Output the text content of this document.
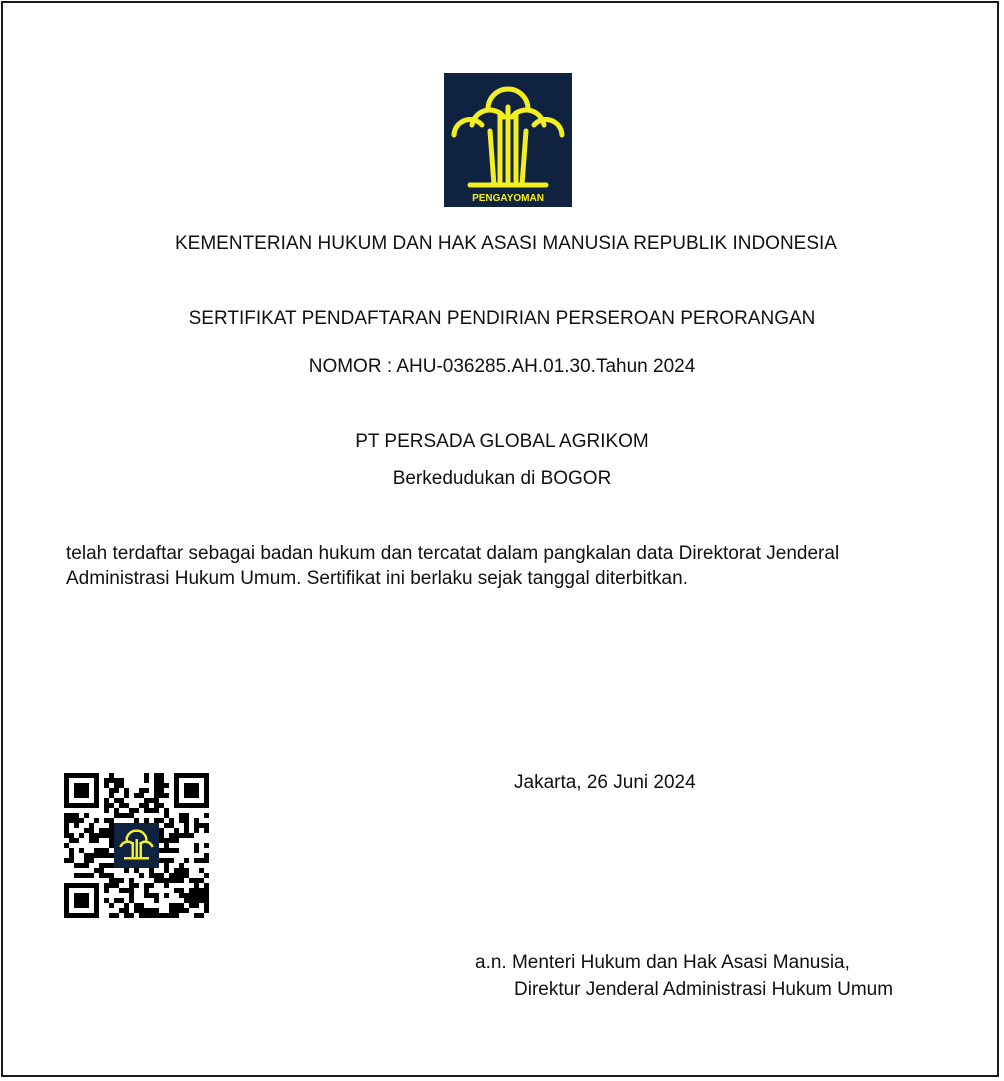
PENGAYOMAN
KEMENTERIAN HUKUM DAN HAK ASASI MANUSIA REPUBLIK INDONESIA
SERTIFIKAT PENDAFTARAN PENDIRIAN PERSEROAN PERORANGAN
NOMOR : AHU-036285.AH.01.30.Tahun 2024
PT PERSADA GLOBAL AGRIKOM
Berkedudukan di BOGOR
telah terdaftar sebagai badan hukum dan tercatat dalam pangkalan data Direktorat Jenderal
Administrasi Hukum Umum. Sertifikat ini berlaku sejak tanggal diterbitkan.
Jakarta, 26 Juni 2024
a.n. Menteri Hukum dan Hak Asasi Manusia,
Direktur Jenderal Administrasi Hukum Umum
